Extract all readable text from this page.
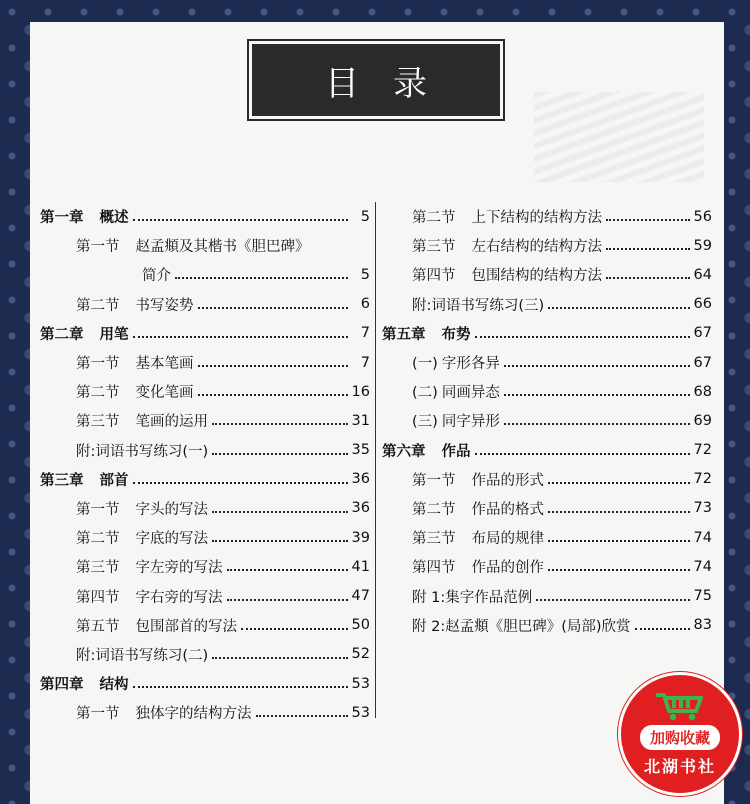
目录
第一章 概述	5
第一节 赵孟頫及其楷书《胆巴碑》
简介	5
第二节 书写姿势	6
第二章 用笔	7
第一节 基本笔画	7
第二节 变化笔画	16
第三节 笔画的运用	31
附:词语书写练习(一)	35
第三章 部首	36
第一节 字头的写法	36
第二节 字底的写法	39
第三节 字左旁的写法	41
第四节 字右旁的写法	47
第五节 包围部首的写法	50
附:词语书写练习(二)	52
第四章 结构	53
第一节 独体字的结构方法	53
第二节 上下结构的结构方法	56
第三节 左右结构的结构方法	59
第四节 包围结构的结构方法	64
附:词语书写练习(三)	66
第五章 布势	67
(一) 字形各异	67
(二) 同画异态	68
(三) 同字异形	69
第六章 作品	72
第一节 作品的形式	72
第二节 作品的格式	73
第三节 布局的规律	74
第四节 作品的创作	74
附 1:集字作品范例	75
附 2:赵孟頫《胆巴碑》(局部)欣赏	83
加购收藏
北湖书社
